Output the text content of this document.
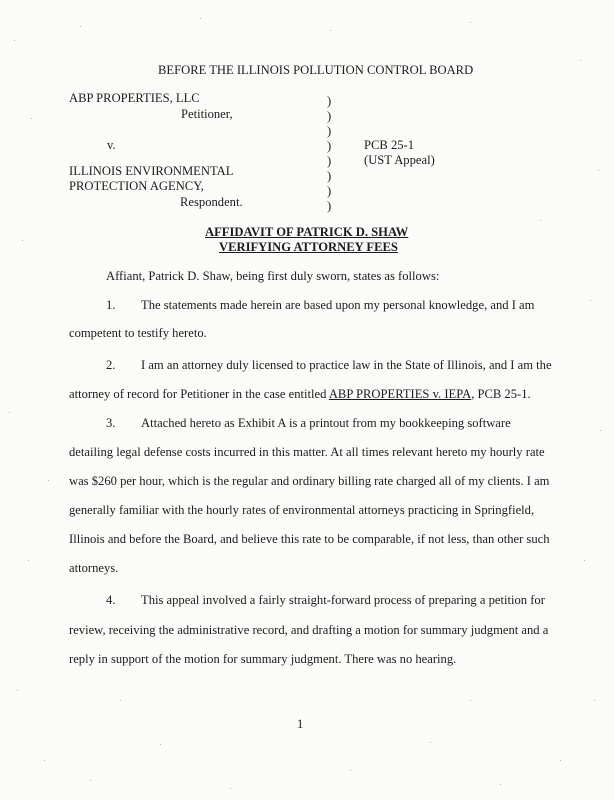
BEFORE THE ILLINOIS POLLUTION CONTROL BOARD
ABP PROPERTIES, LLC
Petitioner,
v.
ILLINOIS ENVIRONMENTAL
PROTECTION AGENCY,
Respondent.
)
)
)
)
)
)
)
)
PCB 25-1
(UST Appeal)
AFFIDAVIT OF PATRICK D. SHAW
VERIFYING ATTORNEY FEES
Affiant, Patrick D. Shaw, being first duly sworn, states as follows:
1. The statements made herein are based upon my personal knowledge, and I am
competent to testify hereto.
2. I am an attorney duly licensed to practice law in the State of Illinois, and I am the
attorney of record for Petitioner in the case entitled ABP PROPERTIES v. IEPA, PCB 25-1.
3. Attached hereto as Exhibit A is a printout from my bookkeeping software
detailing legal defense costs incurred in this matter. At all times relevant hereto my hourly rate
was $260 per hour, which is the regular and ordinary billing rate charged all of my clients. I am
generally familiar with the hourly rates of environmental attorneys practicing in Springfield,
Illinois and before the Board, and believe this rate to be comparable, if not less, than other such
attorneys.
4. This appeal involved a fairly straight-forward process of preparing a petition for
review, receiving the administrative record, and drafting a motion for summary judgment and a
reply in support of the motion for summary judgment. There was no hearing.
1
